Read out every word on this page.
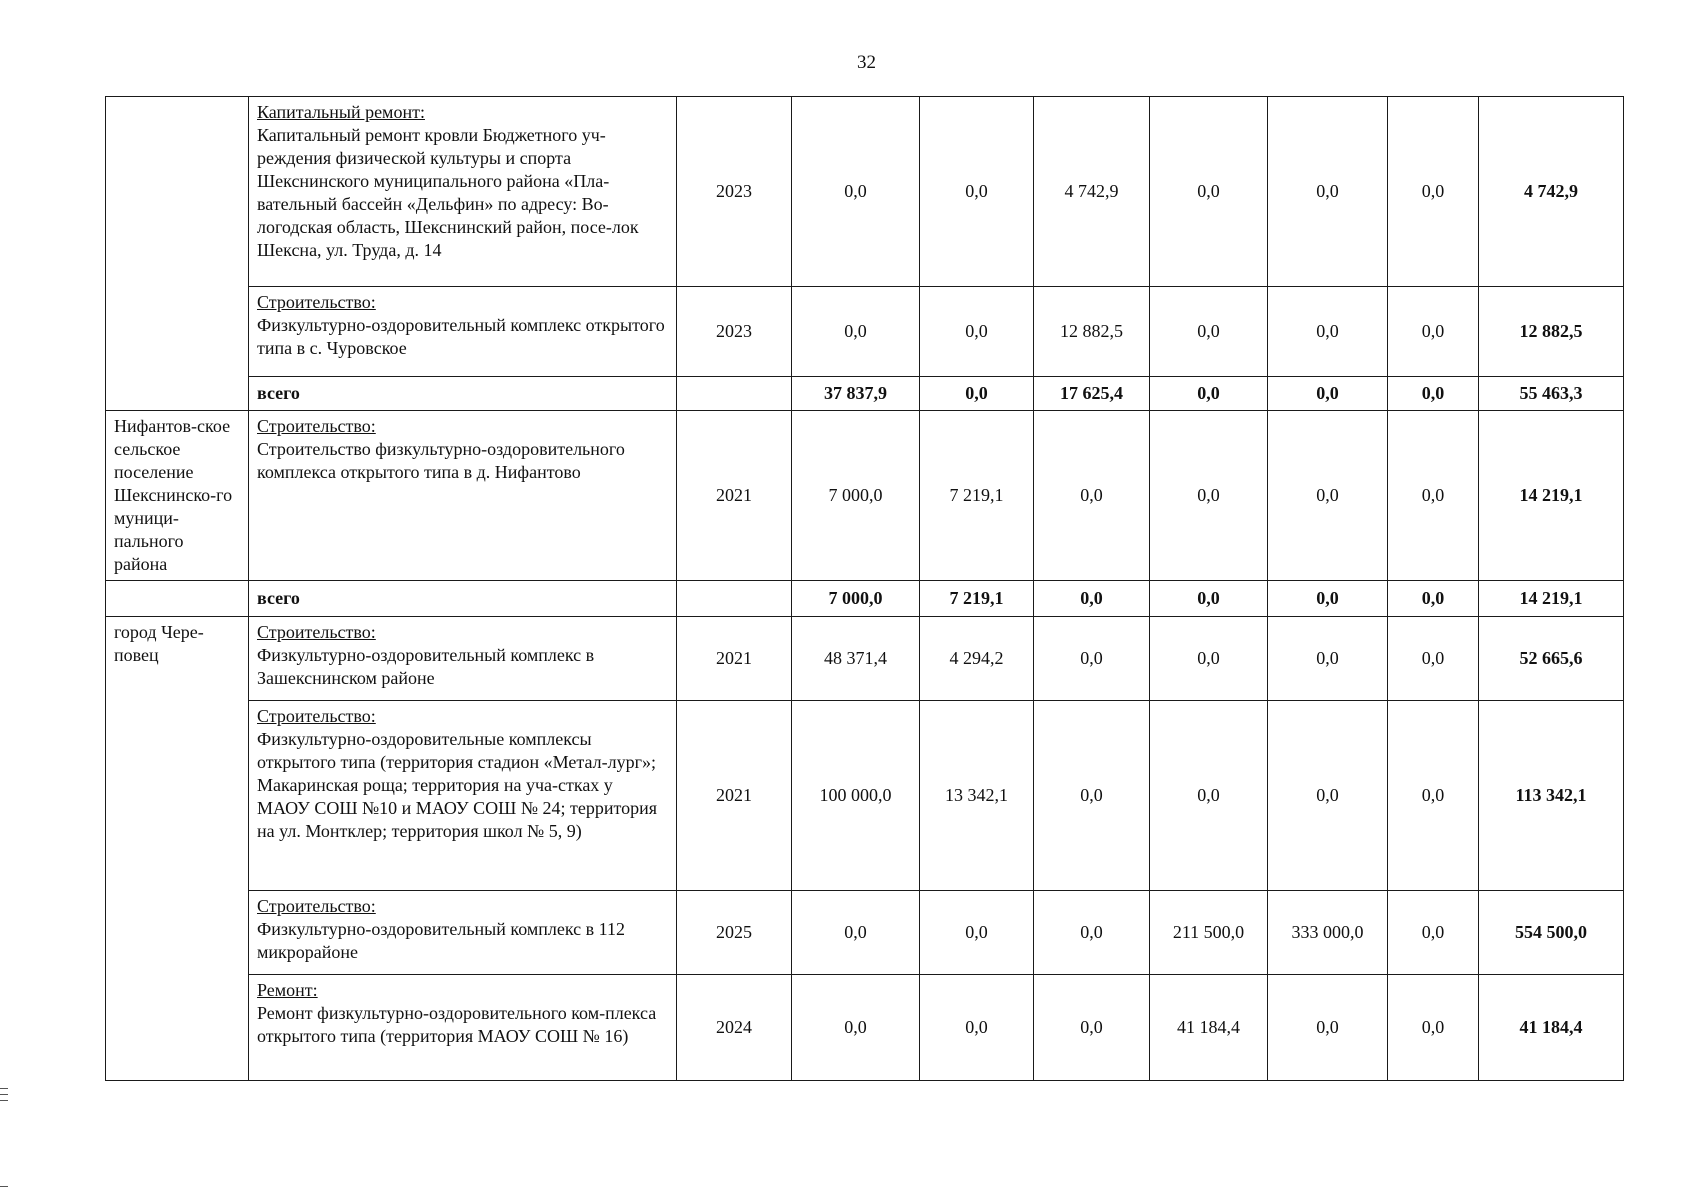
32

	Капитальный ремонт:
Капитальный ремонт кровли Бюджетного уч-реждения физической культуры и спорта Шекснинского муниципального района «Пла-вательный бассейн «Дельфин» по адресу: Во-логодская область, Шекснинский район, посе-лок Шексна, ул. Труда, д. 14	2023	0,0	0,0	4 742,9	0,0	0,0	0,0	4 742,9

	Строительство:
Физкультурно-оздоровительный комплекс открытого типа в с. Чуровское	2023	0,0	0,0	12 882,5	0,0	0,0	0,0	12 882,5
	всего		37 837,9	0,0	17 625,4	0,0	0,0	0,0	55 463,3
Нифантов-ское сельское поселение Шекснинско-го муници-пального района	Строительство:
Строительство физкультурно-оздоровительного комплекса открытого типа в д. Нифантово	2021	7 000,0	7 219,1	0,0	0,0	0,0	0,0	14 219,1
	всего		7 000,0	7 219,1	0,0	0,0	0,0	0,0	14 219,1
город Чере-повец	Строительство:
Физкультурно-оздоровительный комплекс в Зашекснинском районе	2021	48 371,4	4 294,2	0,0	0,0	0,0	0,0	52 665,6

	Строительство:
Физкультурно-оздоровительные комплексы открытого типа (территория стадион «Метал-лург»; Макаринская роща; территория на уча-стках у МАОУ СОШ №10 и МАОУ СОШ № 24; территория на ул. Монтклер; территория школ № 5, 9)	2021	100 000,0	13 342,1	0,0	0,0	0,0	0,0	113 342,1

	Строительство:
Физкультурно-оздоровительный комплекс в 112 микрорайоне	2025	0,0	0,0	0,0	211 500,0	333 000,0	0,0	554 500,0

	Ремонт:
Ремонт физкультурно-оздоровительного ком-плекса открытого типа (территория МАОУ СОШ № 16)	2024	0,0	0,0	0,0	41 184,4	0,0	0,0	41 184,4
